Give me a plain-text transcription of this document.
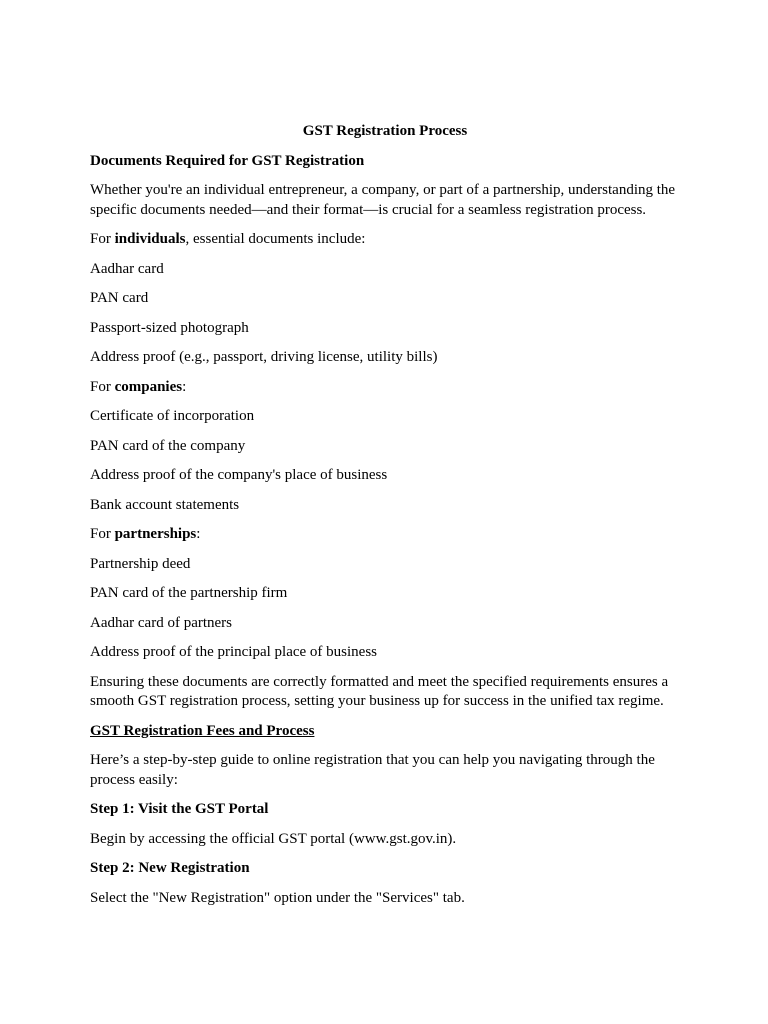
GST Registration Process

Documents Required for GST Registration

Whether you're an individual entrepreneur, a company, or part of a partnership, understanding the specific documents needed—and their format—is crucial for a seamless registration process.

For individuals, essential documents include:

Aadhar card

PAN card

Passport-sized photograph

Address proof (e.g., passport, driving license, utility bills)

For companies:

Certificate of incorporation

PAN card of the company

Address proof of the company's place of business

Bank account statements

For partnerships:

Partnership deed

PAN card of the partnership firm

Aadhar card of partners

Address proof of the principal place of business

Ensuring these documents are correctly formatted and meet the specified requirements ensures a smooth GST registration process, setting your business up for success in the unified tax regime.

GST Registration Fees and Process

Here’s a step-by-step guide to online registration that you can help you navigating through the process easily:

Step 1: Visit the GST Portal

Begin by accessing the official GST portal (www.gst.gov.in).

Step 2: New Registration

Select the "New Registration" option under the "Services" tab.
